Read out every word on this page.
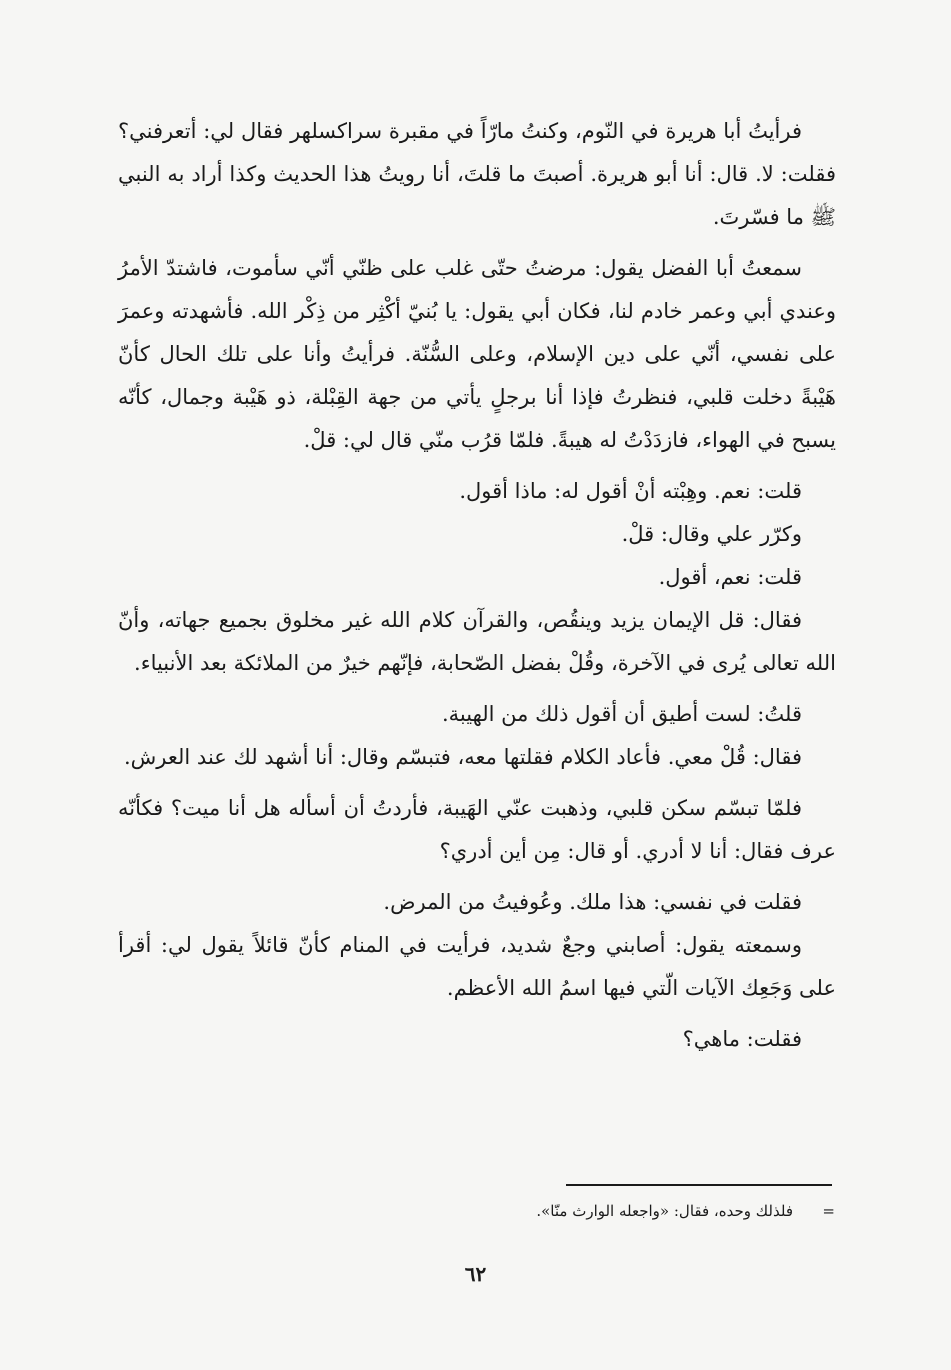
فرأيتُ أبا هريرة في النّوم، وكنتُ مارّاً في مقبرة سراكسلهر فقال لي: أتعرفني؟ فقلت: لا. قال: أنا أبو هريرة. أصبتَ ما قلتَ، أنا رويتُ هذا الحديث وكذا أراد به النبي ﷺ ما فسّرتَ.

سمعتُ أبا الفضل يقول: مرضتُ حتّى غلب على ظنّي أنّي سأموت، فاشتدّ الأمرُ وعندي أبي وعمر خادم لنا، فكان أبي يقول: يا بُنيّ أكْثِر من ذِكْر الله. فأشهدته وعمرَ على نفسي، أنّي على دين الإسلام، وعلى السُّنّة. فرأيتُ وأنا على تلك الحال كأنّ هَيْبةً دخلت قلبي، فنظرتُ فإذا أنا برجلٍ يأتي من جهة القِبْلة، ذو هَيْبة وجمال، كأنّه يسبح في الهواء، فازدَدْتُ له هيبةً. فلمّا قرُب منّي قال لي: قلْ.

قلت: نعم. وهِبْته أنْ أقول له: ماذا أقول.

وكرّر علي وقال: قلْ.

قلت: نعم، أقول.

فقال: قل الإيمان يزيد وينقُص، والقرآن كلام الله غير مخلوق بجميع جهاته، وأنّ الله تعالى يُرى في الآخرة، وقُلْ بفضل الصّحابة، فإنّهم خيرٌ من الملائكة بعد الأنبياء.

قلتُ: لست أطيق أن أقول ذلك من الهيبة.

فقال: قُلْ معي. فأعاد الكلام فقلتها معه، فتبسّم وقال: أنا أشهد لك عند العرش.

فلمّا تبسّم سكن قلبي، وذهبت عنّي الهَيبة، فأردتُ أن أسأله هل أنا ميت؟ فكأنّه عرف فقال: أنا لا أدري. أو قال: مِن أين أدري؟

فقلت في نفسي: هذا ملك. وعُوفيتُ من المرض.

وسمعته يقول: أصابني وجعٌ شديد، فرأيت في المنام كأنّ قائلاً يقول لي: أقرأ على وَجَعِك الآيات الّتي فيها اسمُ الله الأعظم.

فقلت: ماهي؟

=فلذلك وحده، فقال: «واجعله الوارث منّا».
٦٢
